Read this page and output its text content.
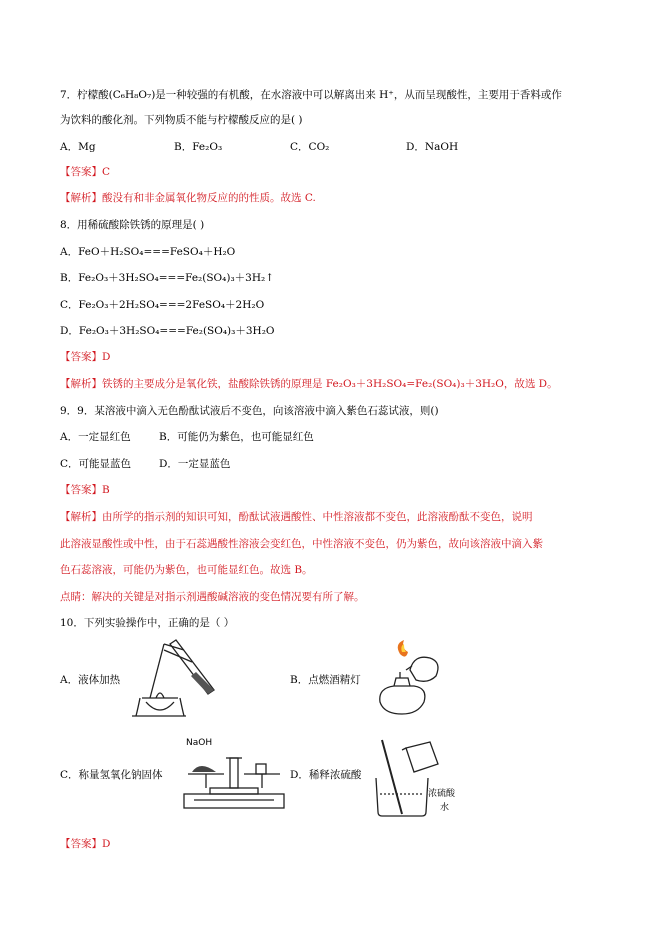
7．柠檬酸(C₆H₈O₇)是一种较强的有机酸，在水溶液中可以解离出来 H⁺，从而呈现酸性，主要用于香料或作
为饮料的酸化剂。下列物质不能与柠檬酸反应的是( )
A．Mg	B．Fe₂O₃	C．CO₂	D．NaOH
【答案】C
【解析】酸没有和非金属氧化物反应的的性质。故选 C.
8．用稀硫酸除铁锈的原理是( )
A．FeO＋H₂SO₄===FeSO₄＋H₂O
B．Fe₂O₃＋3H₂SO₄===Fe₂(SO₄)₃＋3H₂↑
C．Fe₂O₃＋2H₂SO₄===2FeSO₄＋2H₂O
D．Fe₂O₃＋3H₂SO₄===Fe₂(SO₄)₃＋3H₂O
【答案】D
【解析】铁锈的主要成分是氧化铁，盐酸除铁锈的原理是 Fe₂O₃＋3H₂SO₄=Fe₂(SO₄)₃＋3H₂O，故选 D。
9．9．某溶液中滴入无色酚酞试液后不变色，向该溶液中滴入紫色石蕊试液，则()
A．一定显红色	B．可能仍为紫色，也可能显红色
C．可能显蓝色	D．一定显蓝色
【答案】B
【解析】由所学的指示剂的知识可知，酚酞试液遇酸性、中性溶液都不变色，此溶液酚酞不变色，说明
此溶液显酸性或中性，由于石蕊遇酸性溶液会变红色，中性溶液不变色，仍为紫色，故向该溶液中滴入紫
色石蕊溶液，可能仍为紫色，也可能显红色。故选 B。
点睛：解决的关键是对指示剂遇酸碱溶液的变色情况要有所了解。
10．下列实验操作中，正确的是（ ）
A．液体加热	B．点燃酒精灯
C．称量氢氧化钠固体
NaOH
D．稀释浓硫酸
浓硫酸
水
【答案】D
